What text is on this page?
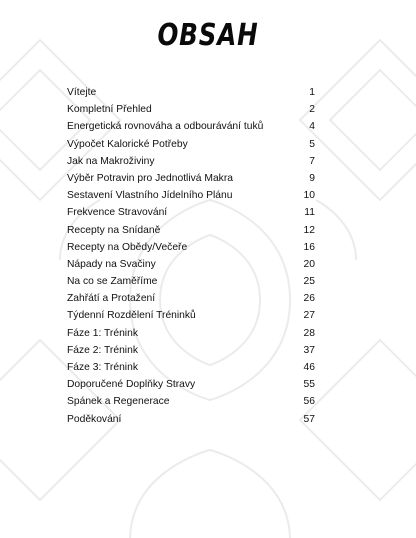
OBSAH
Vítejte	1
Kompletní Přehled	2
Energetická rovnováha a odbourávání tuků	4
Výpočet Kalorické Potřeby	5
Jak na Makroživiny	7
Výběr Potravin pro Jednotlivá Makra	9
Sestavení Vlastního Jídelního Plánu	10
Frekvence Stravování	11
Recepty na Snídaně	12
Recepty na Obědy/Večeře	16
Nápady na Svačiny	20
Na co se Zaměříme	25
Zahřátí a Protažení	26
Týdenní Rozdělení Tréninků	27
Fáze 1: Trénink	28
Fáze 2: Trénink	37
Fáze 3: Trénink	46
Doporučené Doplňky Stravy	55
Spánek a Regenerace	56
Poděkování	57
